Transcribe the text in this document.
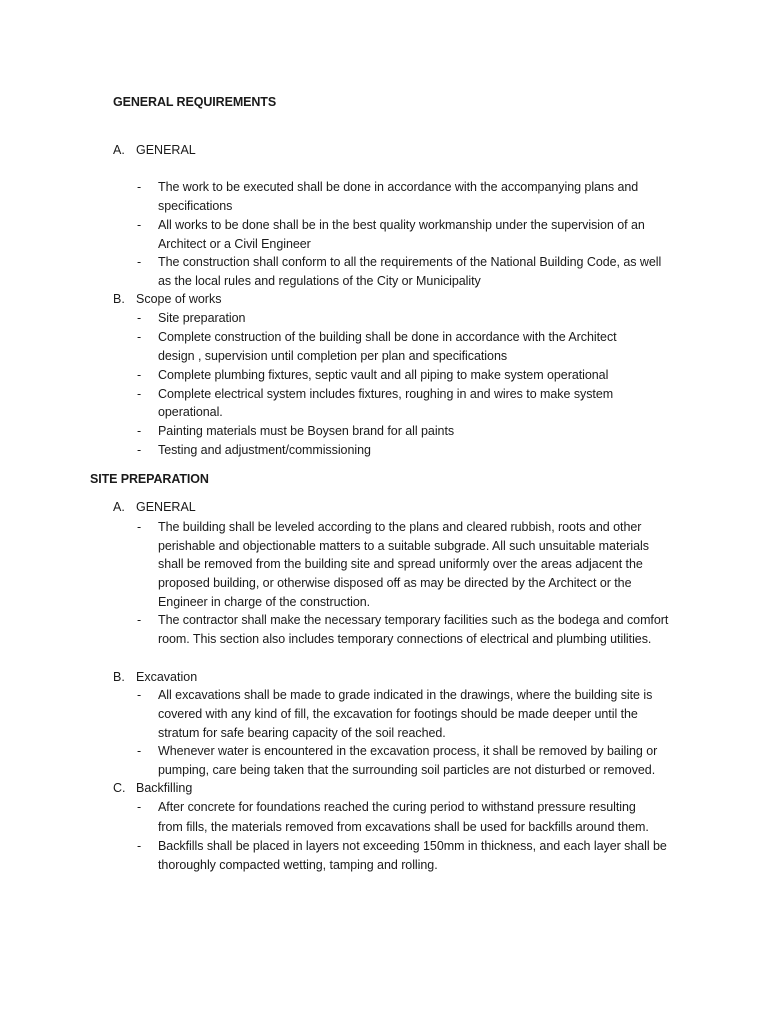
GENERAL REQUIREMENTS
A. GENERAL
- The work to be executed shall be done in accordance with the accompanying plans and
specifications
- All works to be done shall be in the best quality workmanship under the supervision of an
Architect or a Civil Engineer
- The construction shall conform to all the requirements of the National Building Code, as well
as the local rules and regulations of the City or Municipality
B. Scope of works
- Site preparation
- Complete construction of the building shall be done in accordance with the Architect
design , supervision until completion per plan and specifications
- Complete plumbing fixtures, septic vault and all piping to make system operational
- Complete electrical system includes fixtures, roughing in and wires to make system
operational.
- Painting materials must be Boysen brand for all paints
- Testing and adjustment/commissioning
SITE PREPARATION
A. GENERAL
- The building shall be leveled according to the plans and cleared rubbish, roots and other
perishable and objectionable matters to a suitable subgrade. All such unsuitable materials
shall be removed from the building site and spread uniformly over the areas adjacent the
proposed building, or otherwise disposed off as may be directed by the Architect or the
Engineer in charge of the construction.
- The contractor shall make the necessary temporary facilities such as the bodega and comfort
room. This section also includes temporary connections of electrical and plumbing utilities.
B. Excavation
- All excavations shall be made to grade indicated in the drawings, where the building site is
covered with any kind of fill, the excavation for footings should be made deeper until the
stratum for safe bearing capacity of the soil reached.
- Whenever water is encountered in the excavation process, it shall be removed by bailing or
pumping, care being taken that the surrounding soil particles are not disturbed or removed.
C. Backfilling
- After concrete for foundations reached the curing period to withstand pressure resulting
from fills, the materials removed from excavations shall be used for backfills around them.
- Backfills shall be placed in layers not exceeding 150mm in thickness, and each layer shall be
thoroughly compacted wetting, tamping and rolling.
